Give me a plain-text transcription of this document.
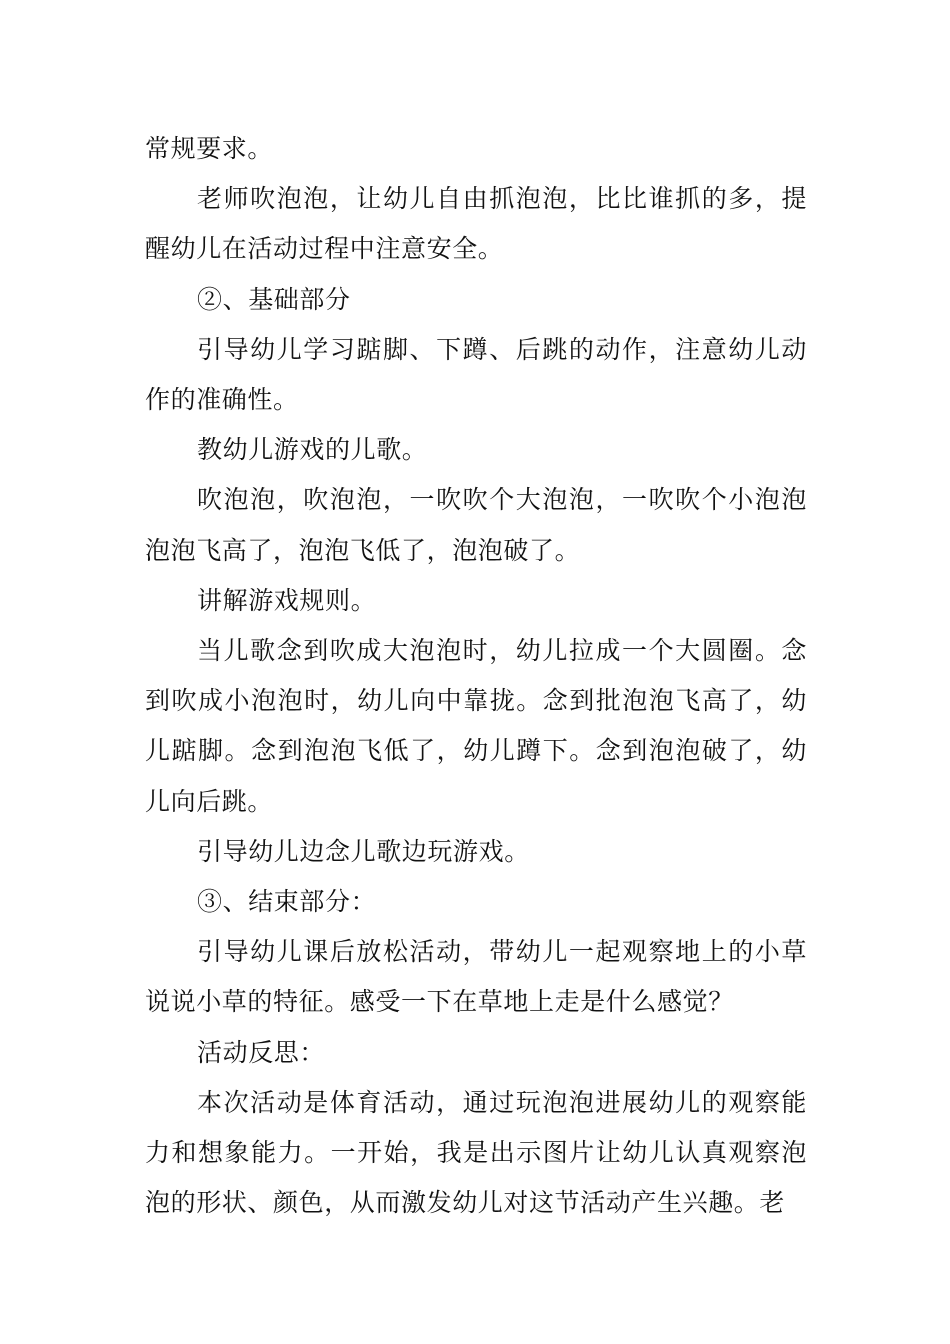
常规要求。

老师吹泡泡，让幼儿自由抓泡泡，比比谁抓的多，提醒幼儿在活动过程中注意安全。

②、基础部分

引导幼儿学习踮脚、下蹲、后跳的动作，注意幼儿动作的准确性。

教幼儿游戏的儿歌。

吹泡泡，吹泡泡，一吹吹个大泡泡，一吹吹个小泡泡泡泡飞高了，泡泡飞低了，泡泡破了。

讲解游戏规则。

当儿歌念到吹成大泡泡时，幼儿拉成一个大圆圈。念到吹成小泡泡时，幼儿向中靠拢。念到批泡泡飞高了，幼儿踮脚。念到泡泡飞低了，幼儿蹲下。念到泡泡破了，幼儿向后跳。

引导幼儿边念儿歌边玩游戏。

③、结束部分：

引导幼儿课后放松活动，带幼儿一起观察地上的小草说说小草的特征。感受一下在草地上走是什么感觉？

活动反思：

本次活动是体育活动，通过玩泡泡进展幼儿的观察能力和想象能力。一开始，我是出示图片让幼儿认真观察泡泡的形状、颜色，从而激发幼儿对这节活动产生兴趣。老
